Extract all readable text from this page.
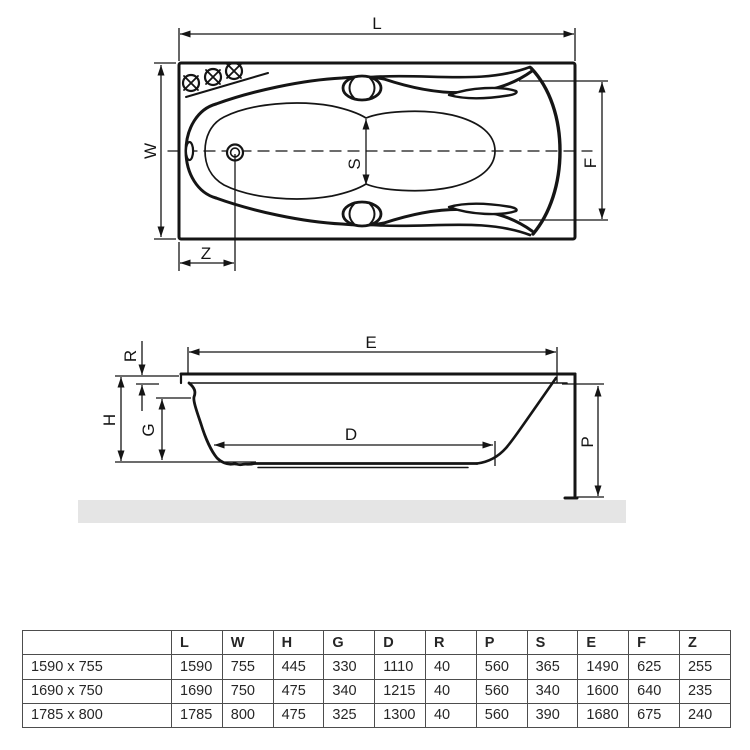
L
W
S	F
Z
E
R
H
G	D	P
	L	W	H	G	D	R	P	S	E	F	Z
1590 x 755	1590	755	445	330	1110	40	560	365	1490	625	255
1690 x 750	1690	750	475	340	1215	40	560	340	1600	640	235
1785 x 800	1785	800	475	325	1300	40	560	390	1680	675	240
